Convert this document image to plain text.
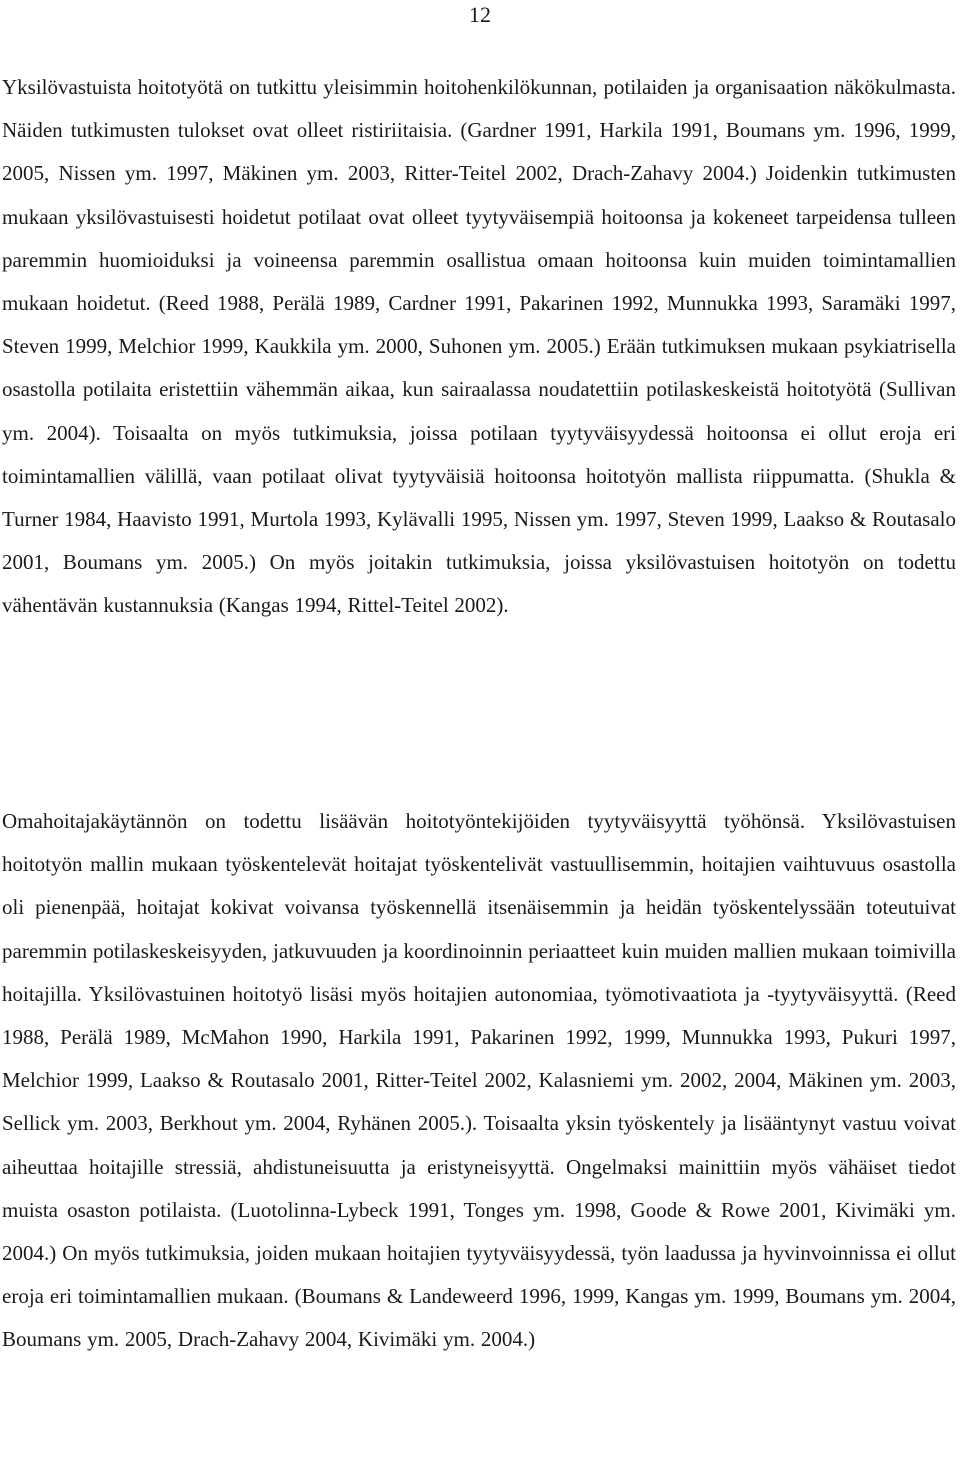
12

Yksilövastuista hoitotyötä on tutkittu yleisimmin hoitohenkilökunnan, potilaiden ja organisaation näkökulmasta. Näiden tutkimusten tulokset ovat olleet ristiriitaisia. (Gardner 1991, Harkila 1991, Boumans ym. 1996, 1999, 2005, Nissen ym. 1997, Mäkinen ym. 2003, Ritter-Teitel 2002, Drach-Zahavy 2004.) Joidenkin tutkimusten mukaan yksilövastuisesti hoidetut potilaat ovat olleet tyytyväisempiä hoitoonsa ja kokeneet tarpeidensa tulleen paremmin huomioiduksi ja voineensa paremmin osallistua omaan hoitoonsa kuin muiden toimintamallien mukaan hoidetut. (Reed 1988, Perälä 1989, Cardner 1991, Pakarinen 1992, Munnukka 1993, Saramäki 1997, Steven 1999, Melchior 1999, Kaukkila ym. 2000, Suhonen ym. 2005.) Erään tutkimuksen mukaan psykiatrisella osastolla potilaita eristettiin vähemmän aikaa, kun sairaalassa noudatettiin potilaskeskeistä hoitotyötä (Sullivan ym. 2004). Toisaalta on myös tutkimuksia, joissa potilaan tyytyväisyydessä hoitoonsa ei ollut eroja eri toimintamallien välillä, vaan potilaat olivat tyytyväisiä hoitoonsa hoitotyön mallista riippumatta. (Shukla & Turner 1984, Haavisto 1991, Murtola 1993, Kylävalli 1995, Nissen ym. 1997, Steven 1999, Laakso & Routasalo 2001, Boumans ym. 2005.) On myös joitakin tutkimuksia, joissa yksilövastuisen hoitotyön on todettu vähentävän kustannuksia (Kangas 1994, Rittel-Teitel 2002).

Omahoitajakäytännön on todettu lisäävän hoitotyöntekijöiden tyytyväisyyttä työhönsä. Yksilövastuisen hoitotyön mallin mukaan työskentelevät hoitajat työskentelivät vastuullisemmin, hoitajien vaihtuvuus osastolla oli pienenpää, hoitajat kokivat voivansa työskennellä itsenäisemmin ja heidän työskentelyssään toteutuivat paremmin potilaskeskeisyyden, jatkuvuuden ja koordinoinnin periaatteet kuin muiden mallien mukaan toimivilla hoitajilla. Yksilövastuinen hoitotyö lisäsi myös hoitajien autonomiaa, työmotivaatiota ja -tyytyväisyyttä. (Reed 1988, Perälä 1989, McMahon 1990, Harkila 1991, Pakarinen 1992, 1999, Munnukka 1993, Pukuri 1997, Melchior 1999, Laakso & Routasalo 2001, Ritter-Teitel 2002, Kalasniemi ym. 2002, 2004, Mäkinen ym. 2003, Sellick ym. 2003, Berkhout ym. 2004, Ryhänen 2005.). Toisaalta yksin työskentely ja lisääntynyt vastuu voivat aiheuttaa hoitajille stressiä, ahdistuneisuutta ja eristyneisyyttä. Ongelmaksi mainittiin myös vähäiset tiedot muista osaston potilaista. (Luotolinna-Lybeck 1991, Tonges ym. 1998, Goode & Rowe 2001, Kivimäki ym. 2004.) On myös tutkimuksia, joiden mukaan hoitajien tyytyväisyydessä, työn laadussa ja hyvinvoinnissa ei ollut eroja eri toimintamallien mukaan. (Boumans & Landeweerd 1996, 1999, Kangas ym. 1999, Boumans ym. 2004, Boumans ym. 2005, Drach-Zahavy 2004, Kivimäki ym. 2004.)
